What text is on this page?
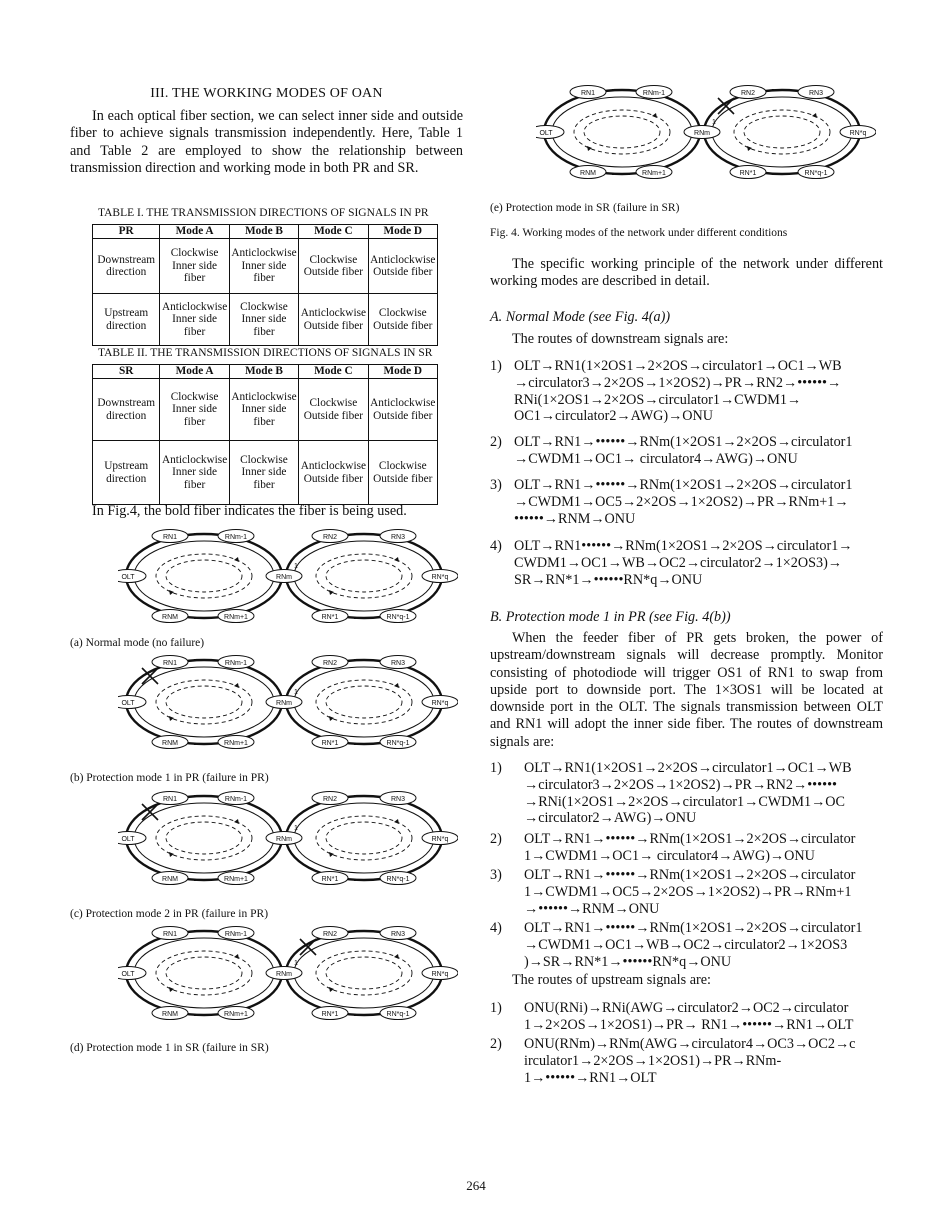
III. THE WORKING MODES OF OAN
In each optical fiber section, we can select inner side and outside fiber to achieve signals transmission independently. Here, Table 1 and Table 2 are employed to show the relationship between transmission direction and working mode in both PR and SR.
TABLE I. THE TRANSMISSION DIRECTIONS OF SIGNALS IN PR
PR	Mode A	Mode B	Mode C	Mode D
Downstream direction	Clockwise Inner side fiber	Anticlockwise Inner side fiber	Clockwise Outside fiber	Anticlockwise Outside fiber
Upstream direction	Anticlockwise Inner side fiber	Clockwise Inner side fiber	Anticlockwise Outside fiber	Clockwise Outside fiber
TABLE II. THE TRANSMISSION DIRECTIONS OF SIGNALS IN SR
SR	Mode A	Mode B	Mode C	Mode D
Downstream direction	Clockwise Inner side fiber	Anticlockwise Inner side fiber	Clockwise Outside fiber	Anticlockwise Outside fiber
Upstream direction	Anticlockwise Inner side fiber	Clockwise Inner side fiber	Anticlockwise Outside fiber	Clockwise Outside fiber
In Fig.4, the bold fiber indicates the fiber is being used.
RN1	RNm-1	RN2	RN3
RNM	RNm+1	RN*1	RN*q-1
OLT	RNm	RN*q
1
(a) Normal mode (no failure)
RN1	RNm-1	RN2	RN3
RNM	RNm+1	RN*1	RN*q-1
OLT	RNm	RN*q
1
(b) Protection mode 1 in PR (failure in PR)
RN1	RNm-1	RN2	RN3
RNM	RNm+1	RN*1	RN*q-1
OLT	RNm	RN*q
1
(c) Protection mode 2 in PR (failure in PR)
RN1	RNm-1	RN2	RN3
RNM	RNm+1	RN*1	RN*q-1
OLT	RNm	RN*q
1
(d) Protection mode 1 in SR (failure in SR)
RN1	RNm-1	RN2	RN3
RNM	RNm+1	RN*1	RN*q-1
OLT	RNm	RN*q
1
(e) Protection mode in SR (failure in SR)
Fig. 4. Working modes of the network under different conditions
The specific working principle of the network under different working modes are described in detail.
A. Normal Mode (see Fig. 4(a))
The routes of downstream signals are:
1) OLT→RN1(1×2OS1→2×2OS→circulator1→OC1→WB →circulator3→2×2OS→1×2OS2)→PR→RN2→••••••→ RNi(1×2OS1→2×2OS→circulator1→CWDM1→ OC1→circulator2→AWG)→ONU
2) OLT→RN1→••••••→RNm(1×2OS1→2×2OS→circulator1 →CWDM1→OC1→ circulator4→AWG)→ONU
3) OLT→RN1→••••••→RNm(1×2OS1→2×2OS→circulator1 →CWDM1→OC5→2×2OS→1×2OS2)→PR→RNm+1→ ••••••→RNM→ONU
4) OLT→RN1••••••→RNm(1×2OS1→2×2OS→circulator1→ CWDM1→OC1→WB→OC2→circulator2→1×2OS3)→ SR→RN*1→••••••RN*q→ONU
B. Protection mode 1 in PR (see Fig. 4(b))
When the feeder fiber of PR gets broken, the power of upstream/downstream signals will decrease promptly. Monitor consisting of photodiode will trigger OS1 of RN1 to swap from upside port to downside port. The 1×3OS1 will be located at downside port in the OLT. The signals transmission between OLT and RN1 will adopt the inner side fiber. The routes of downstream signals are:
1) OLT→RN1(1×2OS1→2×2OS→circulator1→OC1→WB →circulator3→2×2OS→1×2OS2)→PR→RN2→•••••• →RNi(1×2OS1→2×2OS→circulator1→CWDM1→OC →circulator2→AWG)→ONU
2) OLT→RN1→••••••→RNm(1×2OS1→2×2OS→circulator 1→CWDM1→OC1→ circulator4→AWG)→ONU
3) OLT→RN1→••••••→RNm(1×2OS1→2×2OS→circulator 1→CWDM1→OC5→2×2OS→1×2OS2)→PR→RNm+1 →••••••→RNM→ONU
4) OLT→RN1→••••••→RNm(1×2OS1→2×2OS→circulator1 →CWDM1→OC1→WB→OC2→circulator2→1×2OS3 )→SR→RN*1→••••••RN*q→ONU
The routes of upstream signals are:
1) ONU(RNi)→RNi(AWG→circulator2→OC2→circulator 1→2×2OS→1×2OS1)→PR→ RN1→••••••→RN1→OLT
2) ONU(RNm)→RNm(AWG→circulator4→OC3→OC2→c irculator1→2×2OS→1×2OS1)→PR→RNm-1→••••••→RN1→OLT
264
